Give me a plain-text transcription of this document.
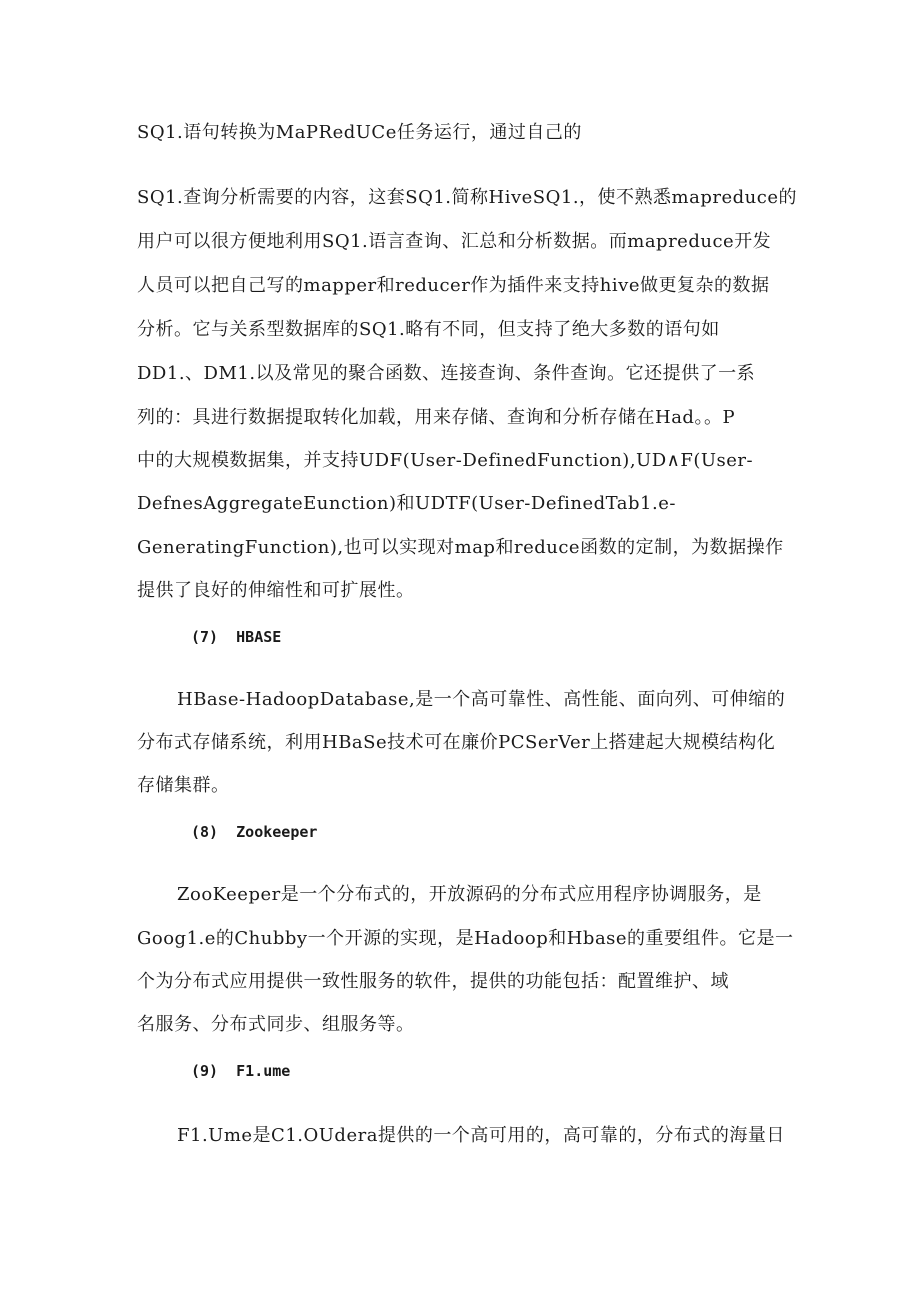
SQ1.语句转换为MaPRedUCe任务运行，通过自己的
SQ1.查询分析需要的内容，这套SQ1.简称HiveSQ1.，使不熟悉mapreduce的
用户可以很方便地利用SQ1.语言查询、汇总和分析数据。而mapreduce开发
人员可以把自己写的mapper和reducer作为插件来支持hive做更复杂的数据
分析。它与关系型数据库的SQ1.略有不同，但支持了绝大多数的语句如
DD1.、DM1.以及常见的聚合函数、连接查询、条件查询。它还提供了一系
列的：具进行数据提取转化加载，用来存储、查询和分析存储在Had。。P
中的大规模数据集，并支持UDF(User-DefinedFunction),UD∧F(User-
DefnesAggregateEunction)和UDTF(User-DefinedTab1.e-
GeneratingFunction),也可以实现对map和reduce函数的定制，为数据操作
提供了良好的伸缩性和可扩展性。
(7)  HBASE
HBase-HadoopDatabase,是一个高可靠性、高性能、面向列、可伸缩的
分布式存储系统，利用HBaSe技术可在廉价PCSerVer上搭建起大规模结构化
存储集群。
(8)  Zookeeper
ZooKeeper是一个分布式的，开放源码的分布式应用程序协调服务，是
Goog1.e的Chubby一个开源的实现，是Hadoop和Hbase的重要组件。它是一
个为分布式应用提供一致性服务的软件，提供的功能包括：配置维护、域
名服务、分布式同步、组服务等。
(9)  F1.ume
F1.Ume是C1.OUdera提供的一个高可用的，高可靠的，分布式的海量日
